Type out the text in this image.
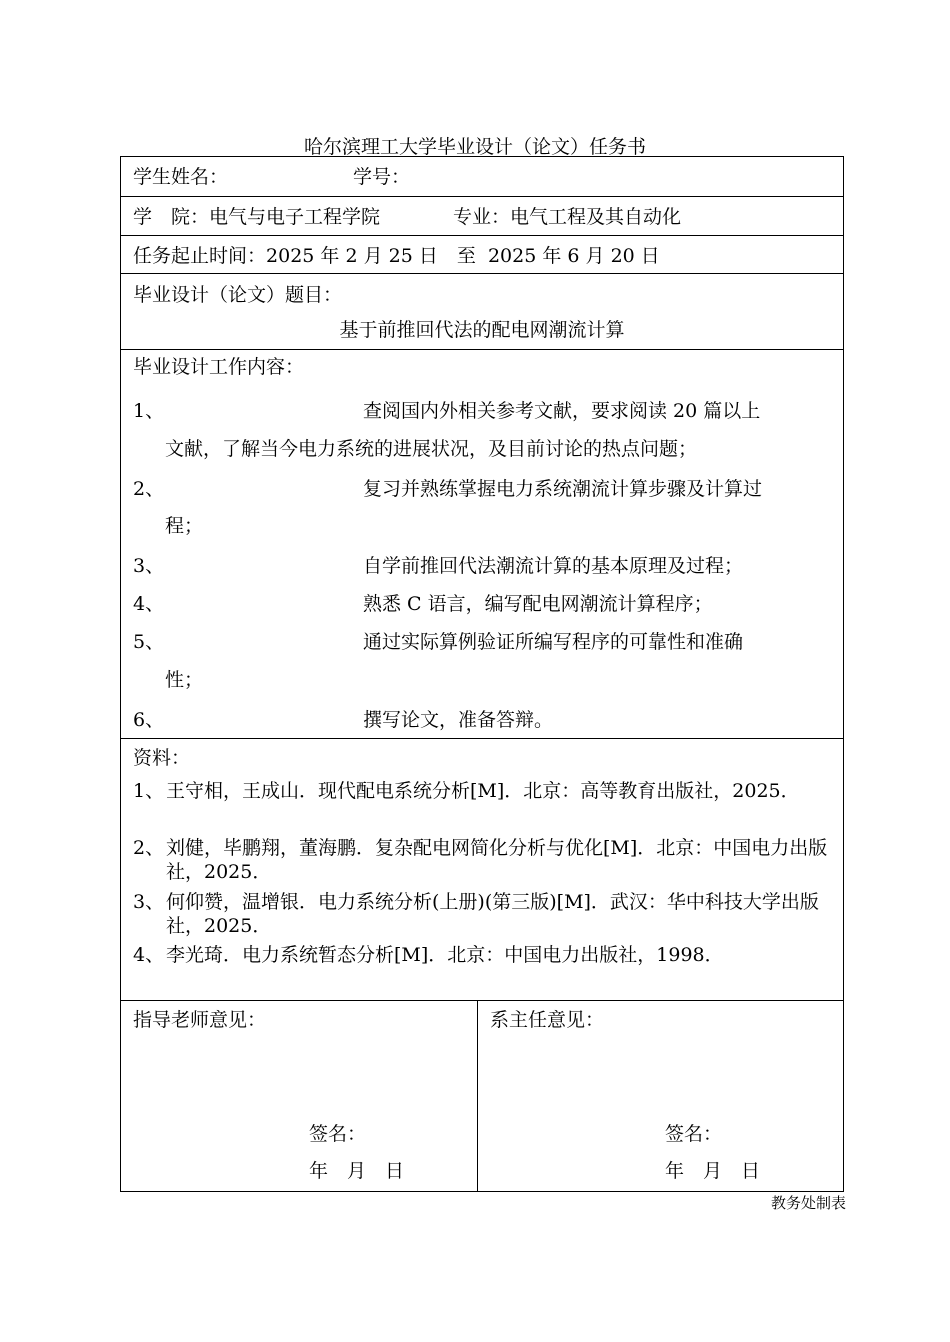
哈尔滨理工大学毕业设计（论文）任务书
学生姓名：	学号：
学　院：电气与电子工程学院	专业：电气工程及其自动化
任务起止时间：2025 年 2 月 25 日　 至 2025 年 6 月 20 日
毕业设计（论文）题目：
基于前推回代法的配电网潮流计算
毕业设计工作内容：
1、	查阅国内外相关参考文献，要求阅读 20 篇以上
文献，了解当今电力系统的进展状况，及目前讨论的热点问题；
2、	复习并熟练掌握电力系统潮流计算步骤及计算过
程；
3、	自学前推回代法潮流计算的基本原理及过程；
4、	熟悉 C 语言，编写配电网潮流计算程序；
5、	通过实际算例验证所编写程序的可靠性和准确
性；
6、	撰写论文，准备答辩。
资料：
1、 王守相，王成山．现代配电系统分析[M]．北京：高等教育出版社，2025．
2、 刘健，毕鹏翔，董海鹏．复杂配电网简化分析与优化[M]．北京：中国电力出版社，2025．
3、 何仰赞，温增银．电力系统分析(上册)(第三版)[M]．武汉：华中科技大学出版社，2025．
4、 李光琦．电力系统暂态分析[M]．北京：中国电力出版社，1998．
指导老师意见：
签名：
年　月　日
系主任意见：
签名：
年　月　日
教务处制表
